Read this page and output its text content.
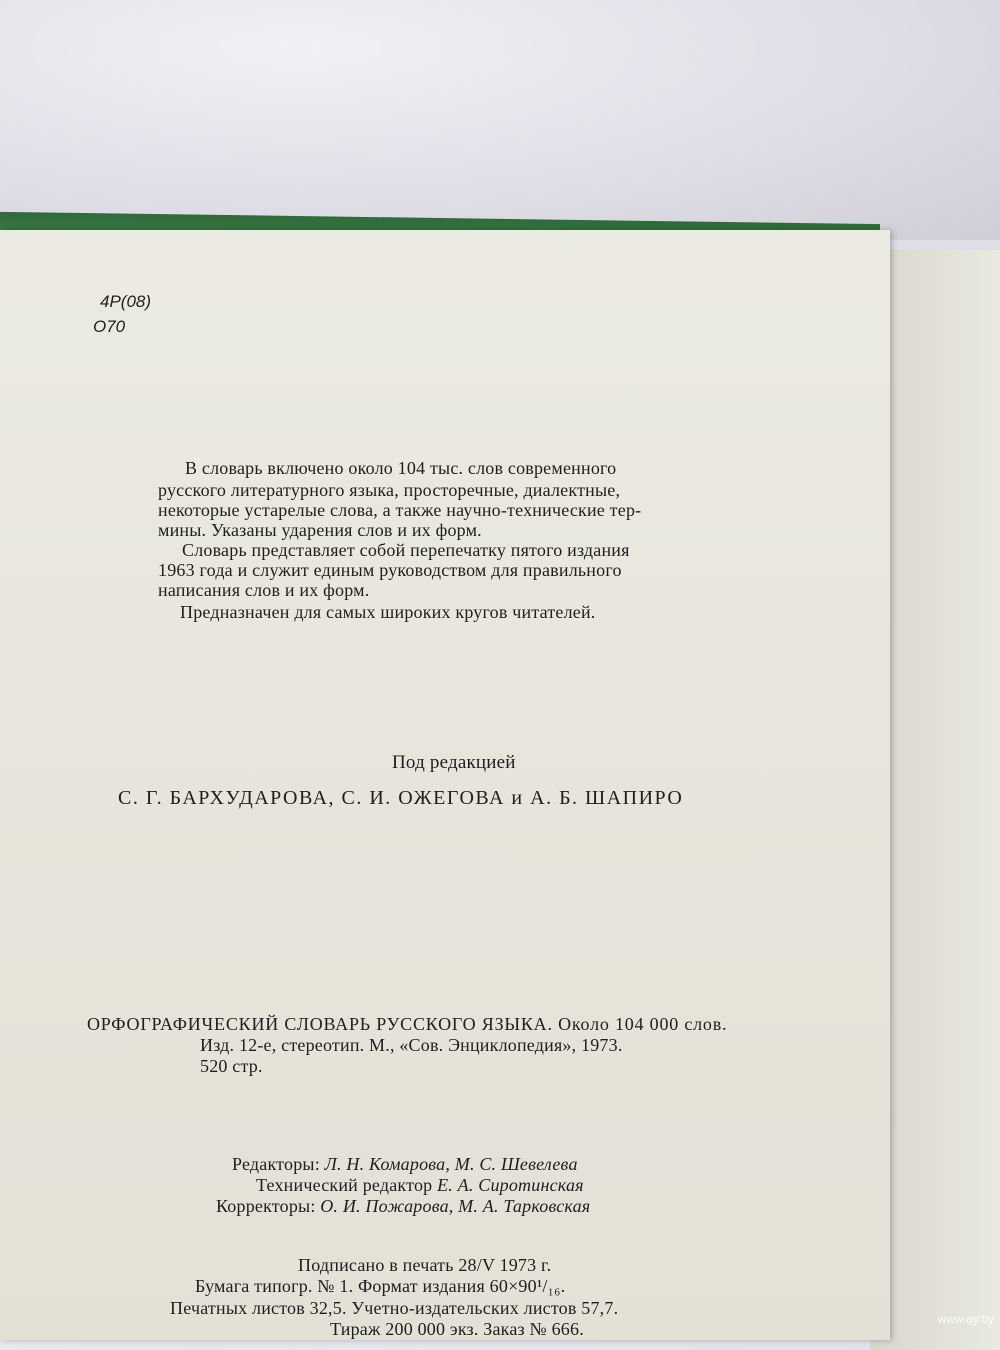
4Р(08)
О70
В словарь включено около 104 тыс. слов современного
русского литературного языка, просторечные, диалектные,
некоторые устарелые слова, а также научно-технические тер-
мины. Указаны ударения слов и их форм.
Словарь представляет собой перепечатку пятого издания
1963 года и служит единым руководством для правильного
написания слов и их форм.
Предназначен для самых широких кругов читателей.
Под редакцией
С. Г. БАРХУДАРОВА, С. И. ОЖЕГОВА и А. Б. ШАПИРО
ОРФОГРАФИЧЕСКИЙ СЛОВАРЬ РУССКОГО ЯЗЫКА. Около 104 000 слов.
Изд. 12-е, стереотип. М., «Сов. Энциклопедия», 1973.
520 стр.
Редакторы: Л. Н. Комарова, М. С. Шевелева
Технический редактор Е. А. Сиротинская
Корректоры: О. И. Пожарова, М. А. Тарковская
Подписано в печать 28/V 1973 г.
Бумага типогр. № 1. Формат издания 60×90¹/₁₆.
Печатных листов 32,5. Учетно-издательских листов 57,7.
Тираж 200 000 экз. Заказ № 666.	www.ay.by
